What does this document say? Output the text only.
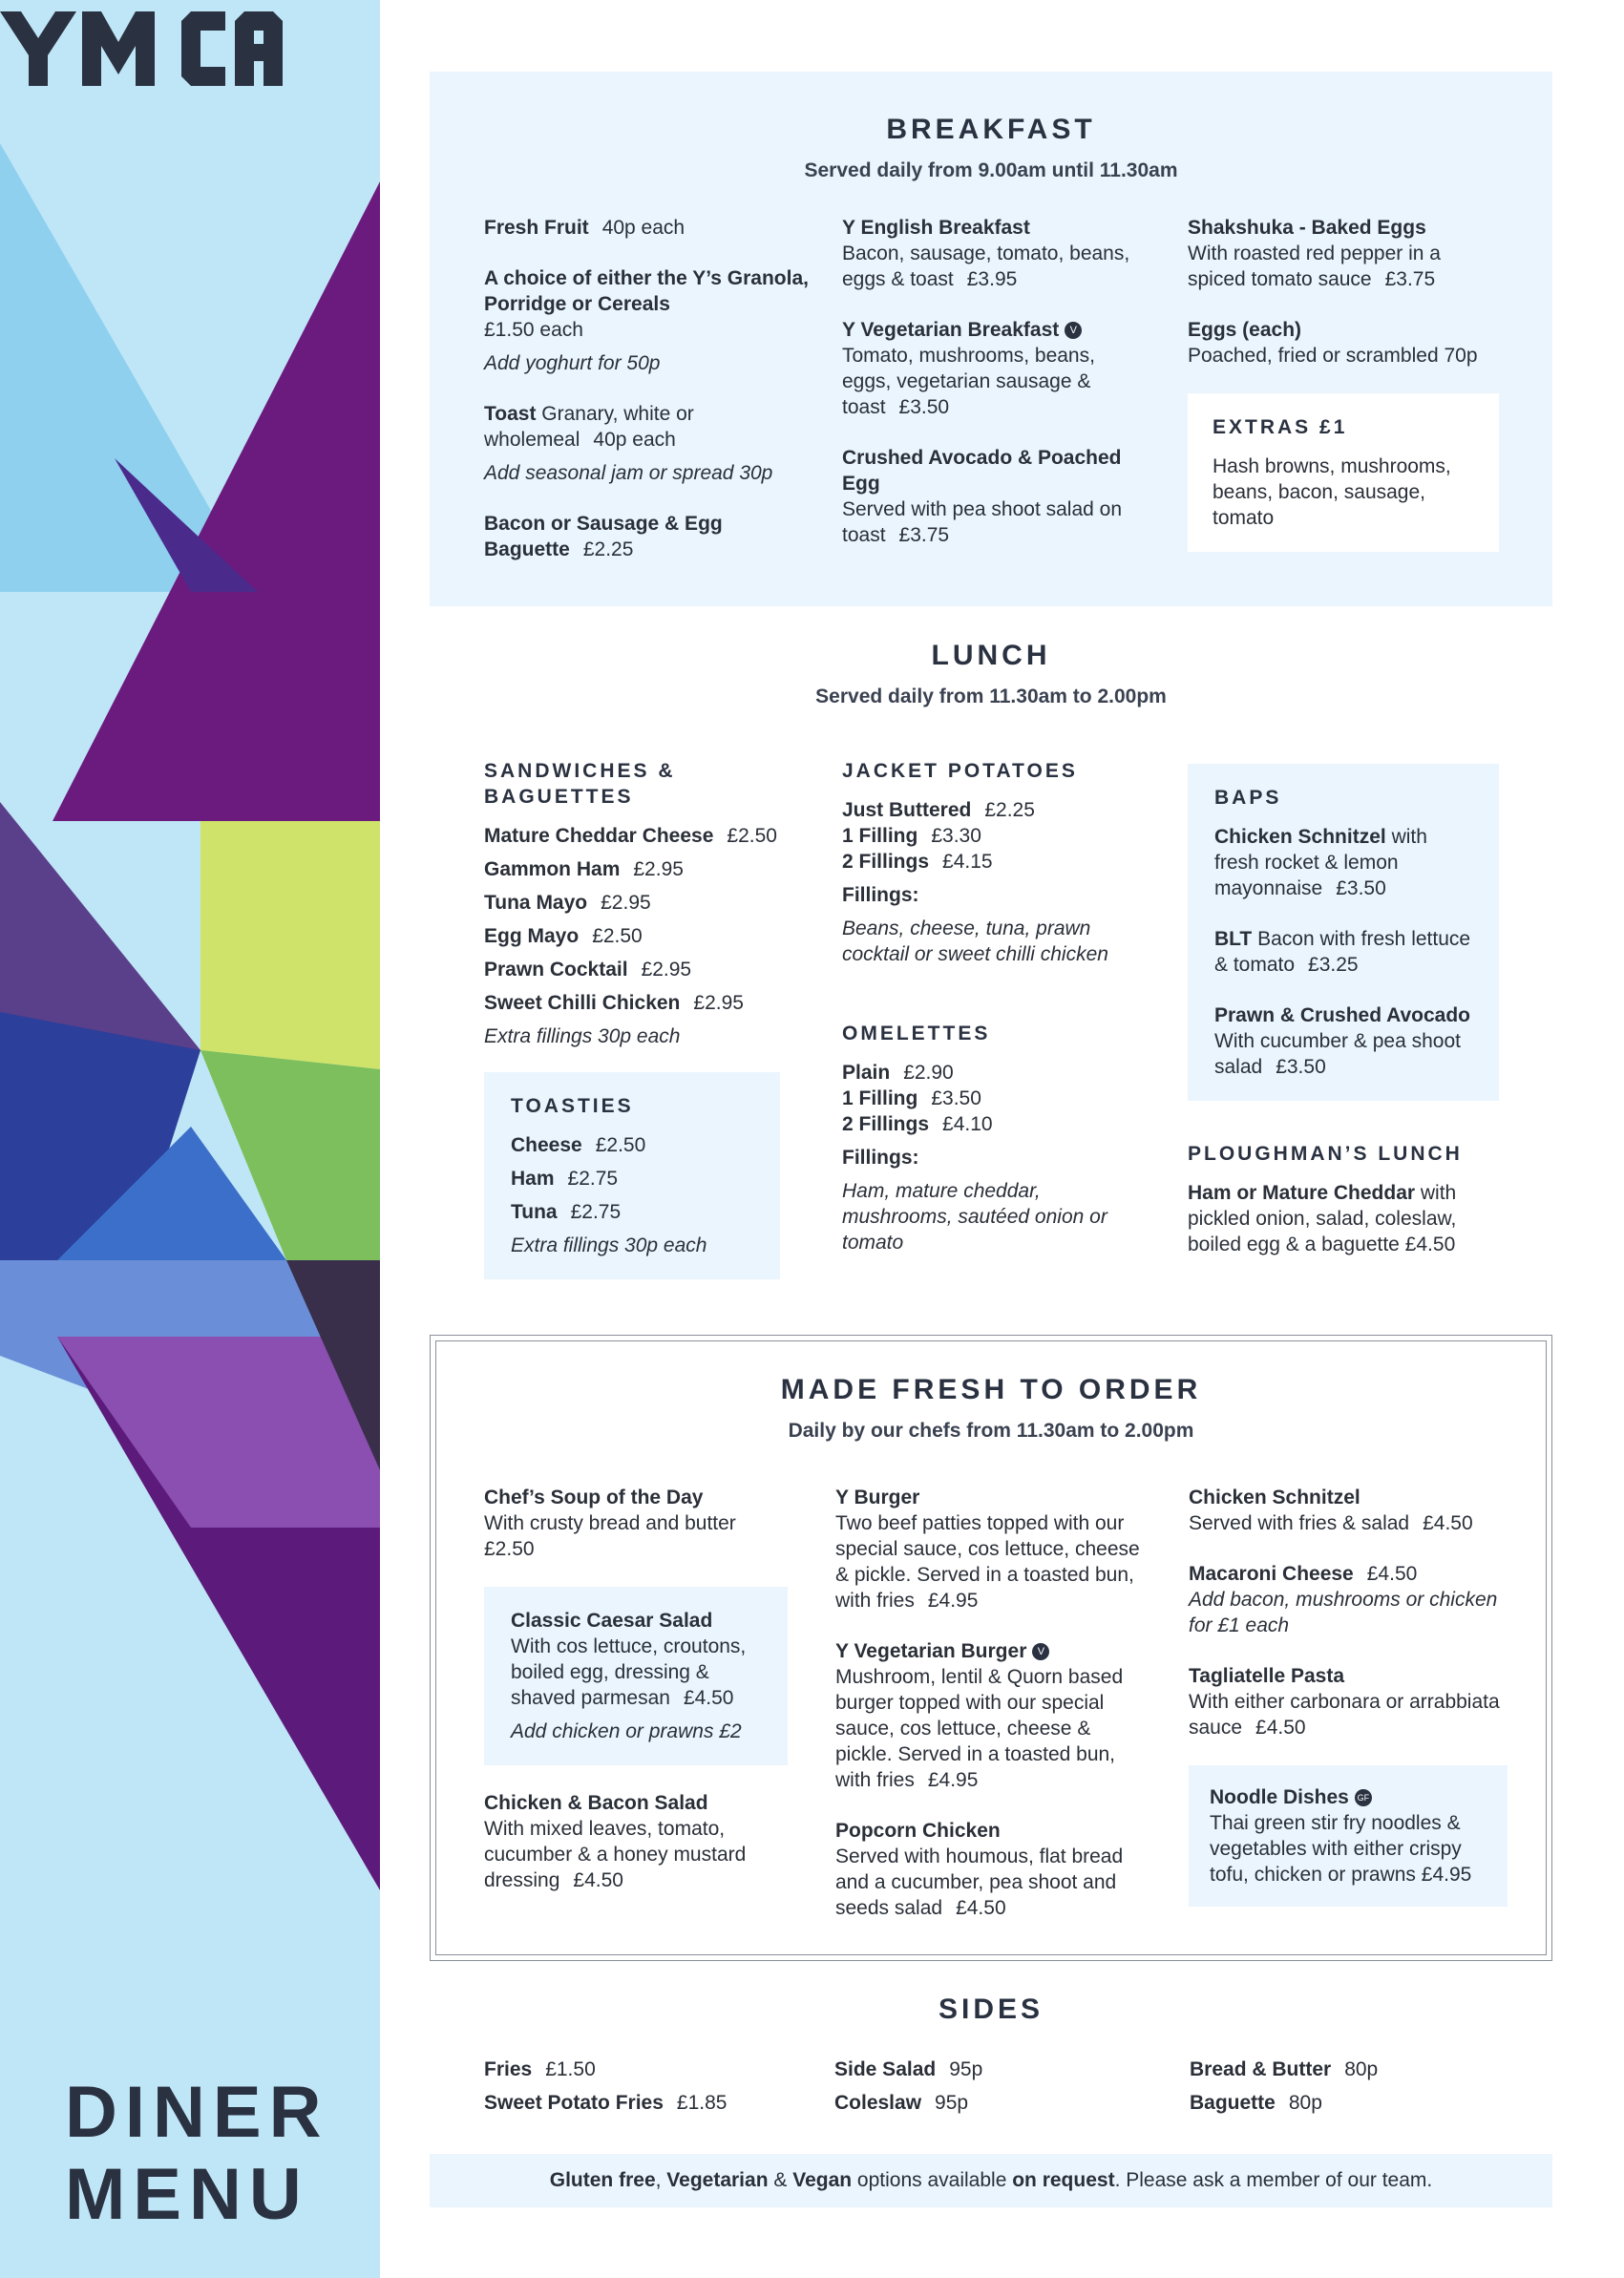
DINER
MENU
BREAKFAST
Served daily from 9.00am until 11.30am
Fresh Fruit 40p each
A choice of either the Y’s Granola, Porridge or Cereals
£1.50 each
Add yoghurt for 50p
Toast Granary, white or wholemeal 40p each
Add seasonal jam or spread 30p
Bacon or Sausage & Egg Baguette £2.25
Y English Breakfast
Bacon, sausage, tomato, beans, eggs & toast £3.95
Y Vegetarian Breakfast V
Tomato, mushrooms, beans, eggs, vegetarian sausage & toast £3.50
Crushed Avocado & Poached Egg
Served with pea shoot salad on toast £3.75
Shakshuka - Baked Eggs
With roasted red pepper in a spiced tomato sauce £3.75
Eggs (each)
Poached, fried or scrambled 70p
EXTRAS £1
Hash browns, mushrooms, beans, bacon, sausage, tomato
LUNCH
Served daily from 11.30am to 2.00pm
SANDWICHES & BAGUETTES
Mature Cheddar Cheese £2.50
Gammon Ham £2.95
Tuna Mayo £2.95
Egg Mayo £2.50
Prawn Cocktail £2.95
Sweet Chilli Chicken £2.95
Extra fillings 30p each
TOASTIES
Cheese £2.50
Ham £2.75
Tuna £2.75
Extra fillings 30p each
JACKET POTATOES
Just Buttered £2.25
1 Filling £3.30
2 Fillings £4.15
Fillings:
Beans, cheese, tuna, prawn cocktail or sweet chilli chicken
OMELETTES
Plain £2.90
1 Filling £3.50
2 Fillings £4.10
Fillings:
Ham, mature cheddar, mushrooms, sautéed onion or tomato
BAPS
Chicken Schnitzel with fresh rocket & lemon mayonnaise £3.50
BLT Bacon with fresh lettuce & tomato £3.25
Prawn & Crushed Avocado
With cucumber & pea shoot salad £3.50
PLOUGHMAN’S LUNCH
Ham or Mature Cheddar with pickled onion, salad, coleslaw, boiled egg & a baguette £4.50
MADE FRESH TO ORDER
Daily by our chefs from 11.30am to 2.00pm
Chef’s Soup of the Day
With crusty bread and butter
£2.50
Classic Caesar Salad
With cos lettuce, croutons, boiled egg, dressing & shaved parmesan £4.50
Add chicken or prawns £2
Chicken & Bacon Salad
With mixed leaves, tomato, cucumber & a honey mustard dressing £4.50
Y Burger
Two beef patties topped with our special sauce, cos lettuce, cheese & pickle. Served in a toasted bun, with fries £4.95
Y Vegetarian Burger V
Mushroom, lentil & Quorn based burger topped with our special sauce, cos lettuce, cheese & pickle. Served in a toasted bun, with fries £4.95
Popcorn Chicken
Served with houmous, flat bread and a cucumber, pea shoot and seeds salad £4.50
Chicken Schnitzel
Served with fries & salad £4.50
Macaroni Cheese £4.50
Add bacon, mushrooms or chicken for £1 each
Tagliatelle Pasta
With either carbonara or arrabbiata sauce £4.50
Noodle Dishes GF
Thai green stir fry noodles & vegetables with either crispy tofu, chicken or prawns £4.95
SIDES
Fries £1.50
Sweet Potato Fries £1.85
Side Salad 95p
Coleslaw 95p
Bread & Butter 80p
Baguette 80p
Gluten free, Vegetarian & Vegan options available on request. Please ask a member of our team.
